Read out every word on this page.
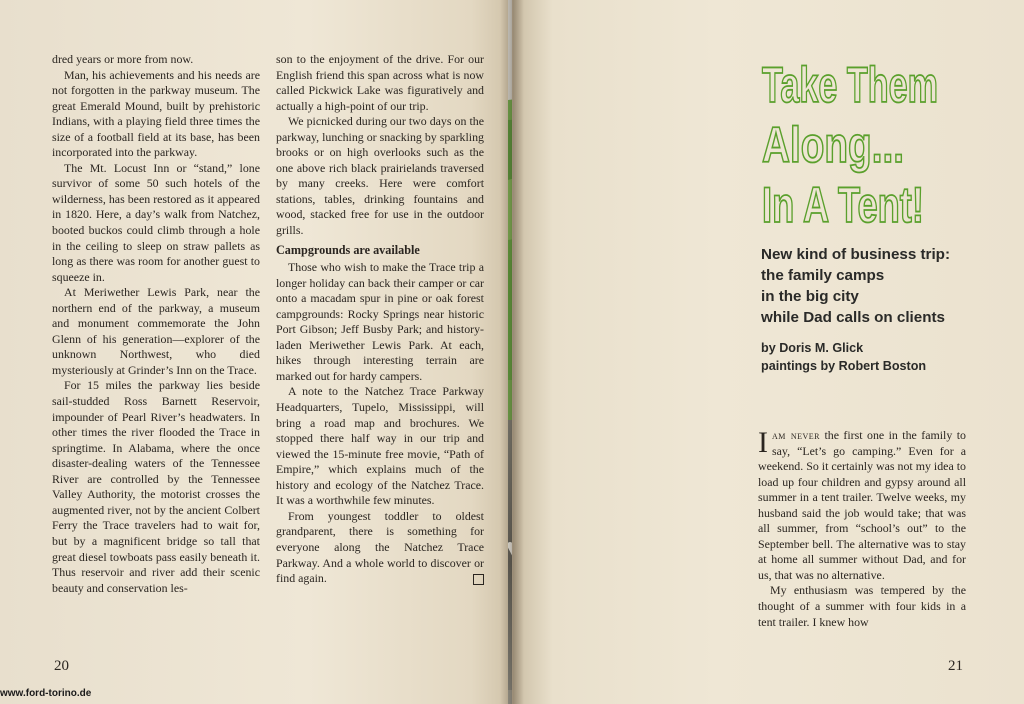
dred years or more from now.

Man, his achievements and his needs are not forgotten in the parkway museum. The great Emerald Mound, built by prehistoric Indians, with a playing field three times the size of a football field at its base, has been incorporated into the parkway.

The Mt. Locust Inn or “stand,” lone survivor of some 50 such hotels of the wilderness, has been restored as it appeared in 1820. Here, a day’s walk from Natchez, booted buckos could climb through a hole in the ceiling to sleep on straw pallets as long as there was room for another guest to squeeze in.

At Meriwether Lewis Park, near the northern end of the parkway, a museum and monument commemorate the John Glenn of his generation—explorer of the unknown Northwest, who died mysteriously at Grinder’s Inn on the Trace.

For 15 miles the parkway lies beside sail-studded Ross Barnett Reservoir, impounder of Pearl River’s headwaters. In other times the river flooded the Trace in springtime. In Alabama, where the once disaster-dealing waters of the Tennessee River are controlled by the Tennessee Valley Authority, the motorist crosses the augmented river, not by the ancient Colbert Ferry the Trace travelers had to wait for, but by a magnificent bridge so tall that great diesel towboats pass easily beneath it. Thus reservoir and river add their scenic beauty and conservation les-

son to the enjoyment of the drive. For our English friend this span across what is now called Pickwick Lake was figuratively and actually a high-point of our trip.

We picnicked during our two days on the parkway, lunching or snacking by sparkling brooks or on high overlooks such as the one above rich black prairielands traversed by many creeks. Here were comfort stations, tables, drinking fountains and wood, stacked free for use in the outdoor grills.

Campgrounds are available

Those who wish to make the Trace trip a longer holiday can back their camper or car onto a macadam spur in pine or oak forest campgrounds: Rocky Springs near historic Port Gibson; Jeff Busby Park; and history-laden Meriwether Lewis Park. At each, hikes through interesting terrain are marked out for hardy campers.

A note to the Natchez Trace Parkway Headquarters, Tupelo, Mississippi, will bring a road map and brochures. We stopped there half way in our trip and viewed the 15-minute free movie, “Path of Empire,” which explains much of the history and ecology of the Natchez Trace. It was a worthwhile few minutes.

From youngest toddler to oldest grandparent, there is something for everyone along the Natchez Trace Parkway. And a whole world to discover or find again.

20
Take Them
Along...
In A Tent!
New kind of business trip:
the family camps
in the big city
while Dad calls on clients
by Doris M. Glick
paintings by Robert Boston

Iam never the first one in the family to say, “Let’s go camping.” Even for a weekend. So it certainly was not my idea to load up four children and gypsy around all summer in a tent trailer. Twelve weeks, my husband said the job would take; that was all summer, from “school’s out” to the September bell. The alternative was to stay at home all summer without Dad, and for us, that was no alternative.

My enthusiasm was tempered by the thought of a summer with four kids in a tent trailer. I knew how

21
www.ford-torino.de
